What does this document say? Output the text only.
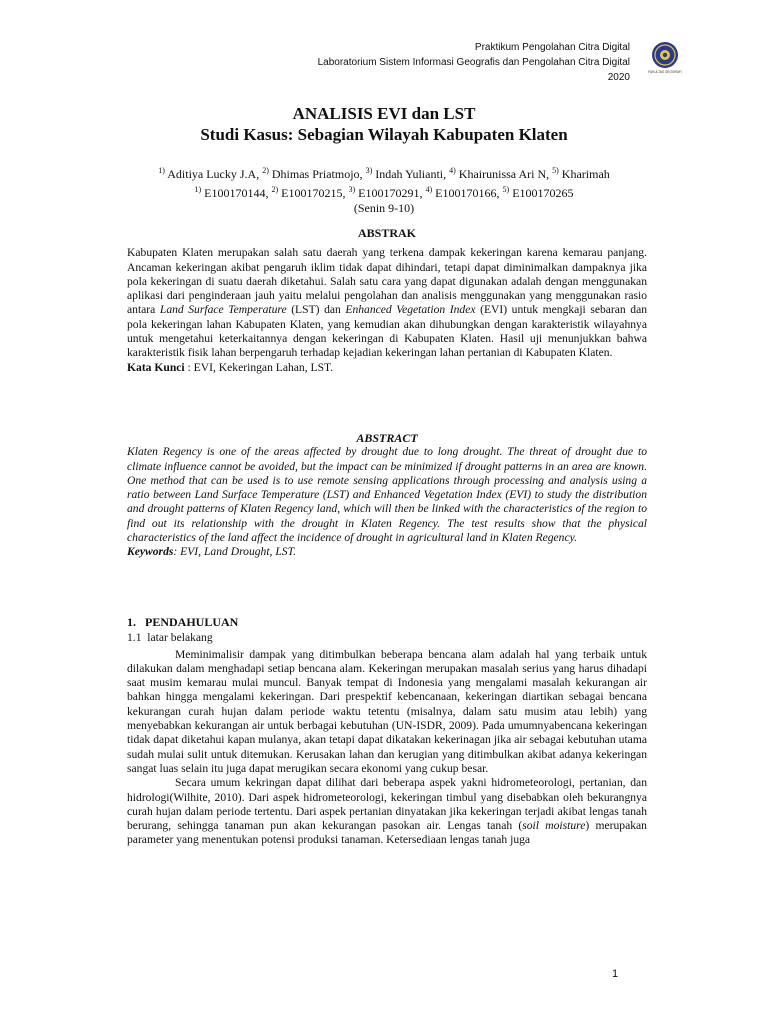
Praktikum Pengolahan Citra Digital
Laboratorium Sistem Informasi Geografis dan Pengolahan Citra Digital
2020	FAKULTAS GEOGRAFI

ANALISIS EVI dan LST

Studi Kasus: Sebagian Wilayah Kabupaten Klaten

$^{1)}$ Aditiya Lucky J.A, $^{2)}$ Dhimas Priatmojo, $^{3)}$ Indah Yulianti, $^{4)}$ Khairunissa Ari N, $^{5)}$ Kharimah
$^{1)}$ E100170144, $^{2)}$ E100170215, $^{3)}$ E100170291, $^{4)}$ E100170166, $^{5)}$ E100170265
(Senin 9-10)

ABSTRAK

Kabupaten Klaten merupakan salah satu daerah yang terkena dampak kekeringan karena kemarau panjang. Ancaman kekeringan akibat pengaruh iklim tidak dapat dihindari, tetapi dapat diminimalkan dampaknya jika pola kekeringan di suatu daerah diketahui. Salah satu cara yang dapat digunakan adalah dengan menggunakan aplikasi dari penginderaan jauh yaitu melalui pengolahan dan analisis menggunakan yang menggunakan rasio antara Land Surface Temperature (LST) dan Enhanced Vegetation Index (EVI) untuk mengkaji sebaran dan pola kekeringan lahan Kabupaten Klaten, yang kemudian akan dihubungkan dengan karakteristik wilayahnya untuk mengetahui keterkaitannya dengan kekeringan di Kabupaten Klaten. Hasil uji menunjukkan bahwa karakteristik fisik lahan berpengaruh terhadap kejadian kekeringan lahan pertanian di Kabupaten Klaten.

Kata Kunci : EVI, Kekeringan Lahan, LST.

ABSTRACT

Klaten Regency is one of the areas affected by drought due to long drought. The threat of drought due to climate influence cannot be avoided, but the impact can be minimized if drought patterns in an area are known. One method that can be used is to use remote sensing applications through processing and analysis using a ratio between Land Surface Temperature (LST) and Enhanced Vegetation Index (EVI) to study the distribution and drought patterns of Klaten Regency land, which will then be linked with the characteristics of the region to find out its relationship with the drought in Klaten Regency. The test results show that the physical characteristics of the land affect the incidence of drought in agricultural land in Klaten Regency.

Keywords: EVI, Land Drought, LST.

1.   PENDAHULUAN

1.1  latar belakang

Meminimalisir dampak yang ditimbulkan beberapa bencana alam adalah hal yang terbaik untuk dilakukan dalam menghadapi setiap bencana alam. Kekeringan merupakan masalah serius yang harus dihadapi saat musim kemarau mulai muncul. Banyak tempat di Indonesia yang mengalami masalah kekurangan air bahkan hingga mengalami kekeringan. Dari prespektif kebencanaan, kekeringan diartikan sebagai bencana kekurangan curah hujan dalam periode waktu tetentu (misalnya, dalam satu musim atau lebih) yang menyebabkan kekurangan air untuk berbagai kebutuhan (UN-ISDR, 2009). Pada umumnyabencana kekeringan tidak dapat diketahui kapan mulanya, akan tetapi dapat dikatakan kekerinagan jika air sebagai kebutuhan utama sudah mulai sulit untuk ditemukan. Kerusakan lahan dan kerugian yang ditimbulkan akibat adanya kekeringan sangat luas selain itu juga dapat merugikan secara ekonomi yang cukup besar.

Secara umum kekringan dapat dilihat dari beberapa aspek yakni hidrometeorologi, pertanian, dan hidrologi(Wilhite, 2010). Dari aspek hidrometeorologi, kekeringan timbul yang disebabkan oleh bekurangnya curah hujan dalam periode tertentu. Dari aspek pertanian dinyatakan jika kekeringan terjadi akibat lengas tanah berurang, sehingga tanaman pun akan kekurangan pasokan air. Lengas tanah (soil moisture) merupakan parameter yang menentukan potensi produksi tanaman. Ketersediaan lengas tanah juga

1
